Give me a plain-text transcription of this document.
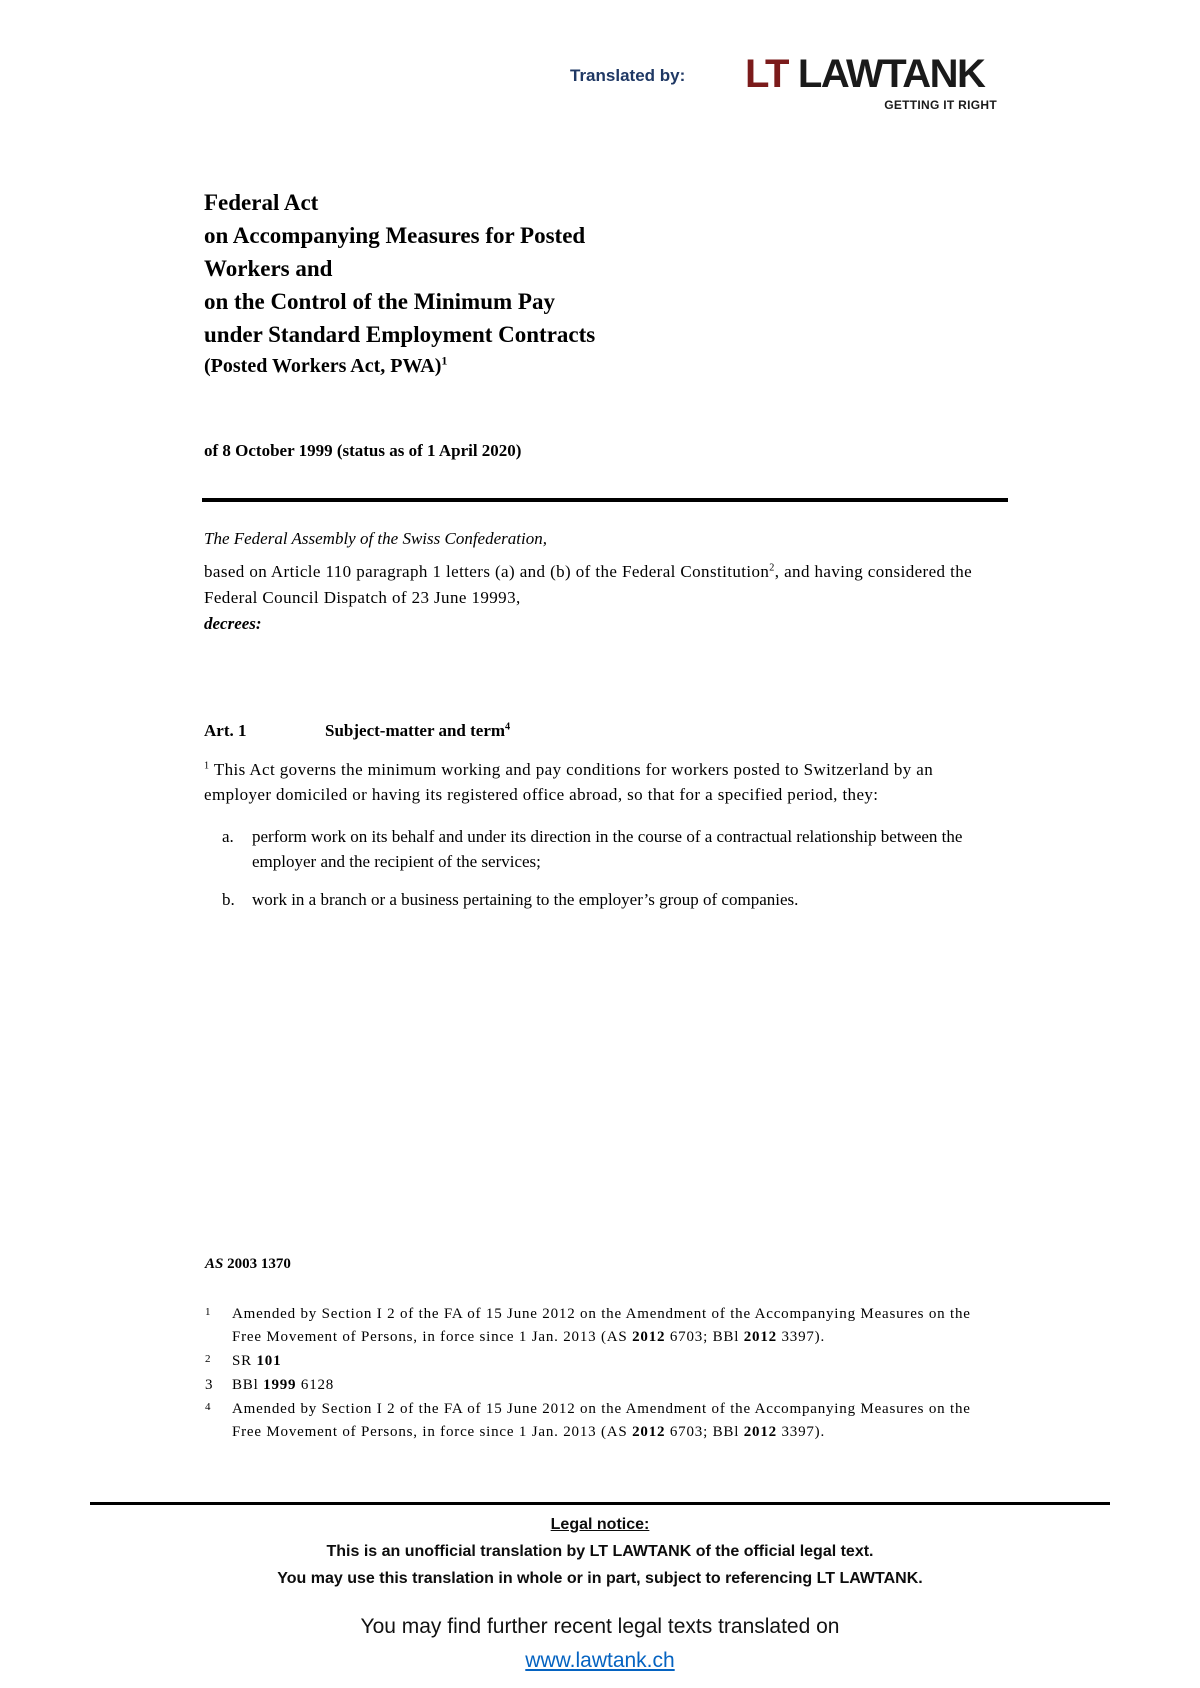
Translated by: LT LAWTANK
GETTING IT RIGHT
Federal Act
on Accompanying Measures for Posted
Workers and
on the Control of the Minimum Pay
under Standard Employment Contracts
(Posted Workers Act, PWA)$^1$
of 8 October 1999 (status as of 1 April 2020)
The Federal Assembly of the Swiss Confederation,
based on Article 110 paragraph 1 letters (a) and (b) of the Federal Constitution$^2$, and having considered the Federal Council Dispatch of 23 June 19993,
decrees:
Art. 1	Subject-matter and term$^4$
$^1$ This Act governs the minimum working and pay conditions for workers posted to Switzerland by an employer domiciled or having its registered office abroad, so that for a specified period, they:
a.	perform work on its behalf and under its direction in the course of a contractual relationship between the employer and the recipient of the services;
b.	work in a branch or a business pertaining to the employer’s group of companies.
AS 2003 1370
1	Amended by Section I 2 of the FA of 15 June 2012 on the Amendment of the Accompanying Measures on the Free Movement of Persons, in force since 1 Jan. 2013 (AS 2012 6703; BBl 2012 3397).
2	SR 101
3	BBl 1999 6128
4	Amended by Section I 2 of the FA of 15 June 2012 on the Amendment of the Accompanying Measures on the Free Movement of Persons, in force since 1 Jan. 2013 (AS 2012 6703; BBl 2012 3397).
Legal notice:
This is an unofficial translation by LT LAWTANK of the official legal text.
You may use this translation in whole or in part, subject to referencing LT LAWTANK.
You may find further recent legal texts translated on
www.lawtank.ch
